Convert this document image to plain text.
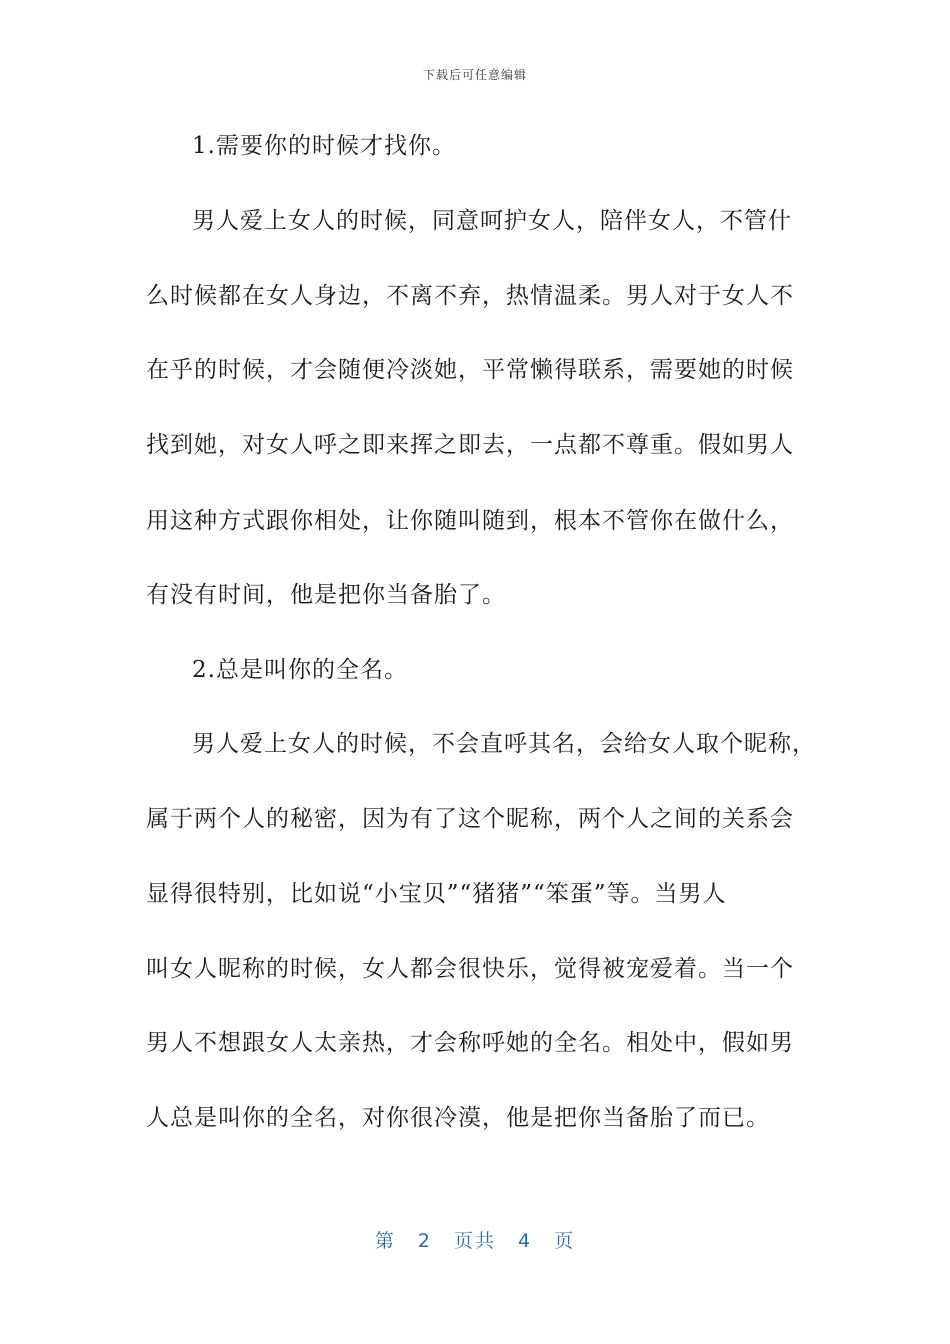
下载后可任意编辑
1.需要你的时候才找你。
男人爱上女人的时候，同意呵护女人，陪伴女人，不管什
么时候都在女人身边，不离不弃，热情温柔。男人对于女人不
在乎的时候，才会随便冷淡她，平常懒得联系，需要她的时候
找到她，对女人呼之即来挥之即去，一点都不尊重。假如男人
用这种方式跟你相处，让你随叫随到，根本不管你在做什么，
有没有时间，他是把你当备胎了。
2.总是叫你的全名。
男人爱上女人的时候，不会直呼其名，会给女人取个昵称，
属于两个人的秘密，因为有了这个昵称，两个人之间的关系会
显得很特别，比如说“小宝贝”“猪猪”“笨蛋”等。当男人
叫女人昵称的时候，女人都会很快乐，觉得被宠爱着。当一个
男人不想跟女人太亲热，才会称呼她的全名。相处中，假如男
人总是叫你的全名，对你很冷漠，他是把你当备胎了而已。
第 2 页共 4 页
